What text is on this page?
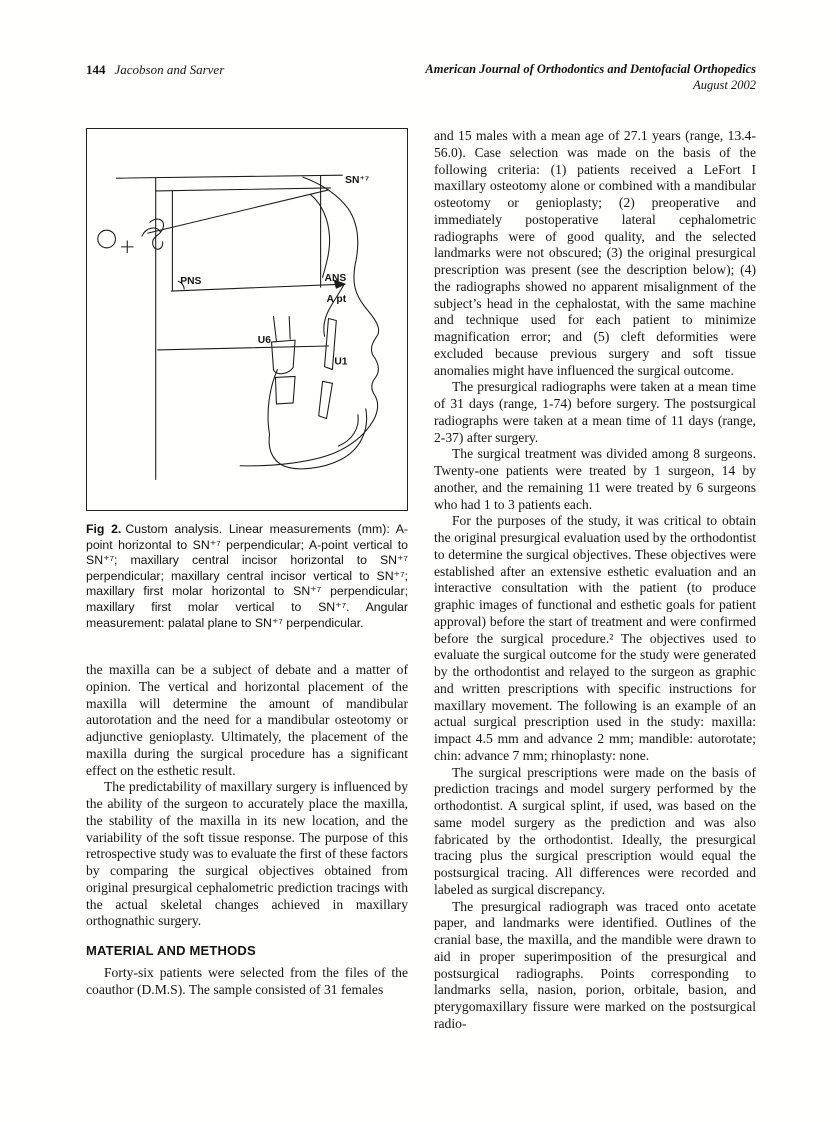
144 Jacobson and Sarver	American Journal of Orthodontics and Dentofacial Orthopedics
August 2002
SN⁺⁷
ANS
A pt
PNS
U6
U1
Fig 2. Custom analysis. Linear measurements (mm): A-point horizontal to SN⁺⁷ perpendicular; A-point vertical to SN⁺⁷; maxillary central incisor horizontal to SN⁺⁷ perpendicular; maxillary central incisor vertical to SN⁺⁷; maxillary first molar horizontal to SN⁺⁷ perpendicular; maxillary first molar vertical to SN⁺⁷. Angular measurement: palatal plane to SN⁺⁷ perpendicular.

the maxilla can be a subject of debate and a matter of opinion. The vertical and horizontal placement of the maxilla will determine the amount of mandibular autorotation and the need for a mandibular osteotomy or adjunctive genioplasty. Ultimately, the placement of the maxilla during the surgical procedure has a significant effect on the esthetic result.

The predictability of maxillary surgery is influenced by the ability of the surgeon to accurately place the maxilla, the stability of the maxilla in its new location, and the variability of the soft tissue response. The purpose of this retrospective study was to evaluate the first of these factors by comparing the surgical objectives obtained from original presurgical cephalometric prediction tracings with the actual skeletal changes achieved in maxillary orthognathic surgery.

MATERIAL AND METHODS

Forty-six patients were selected from the files of the coauthor (D.M.S). The sample consisted of 31 females

and 15 males with a mean age of 27.1 years (range, 13.4-56.0). Case selection was made on the basis of the following criteria: (1) patients received a LeFort I maxillary osteotomy alone or combined with a mandibular osteotomy or genioplasty; (2) preoperative and immediately postoperative lateral cephalometric radiographs were of good quality, and the selected landmarks were not obscured; (3) the original presurgical prescription was present (see the description below); (4) the radiographs showed no apparent misalignment of the subject’s head in the cephalostat, with the same machine and technique used for each patient to minimize magnification error; and (5) cleft deformities were excluded because previous surgery and soft tissue anomalies might have influenced the surgical outcome.

The presurgical radiographs were taken at a mean time of 31 days (range, 1-74) before surgery. The postsurgical radiographs were taken at a mean time of 11 days (range, 2-37) after surgery.

The surgical treatment was divided among 8 surgeons. Twenty-one patients were treated by 1 surgeon, 14 by another, and the remaining 11 were treated by 6 surgeons who had 1 to 3 patients each.

For the purposes of the study, it was critical to obtain the original presurgical evaluation used by the orthodontist to determine the surgical objectives. These objectives were established after an extensive esthetic evaluation and an interactive consultation with the patient (to produce graphic images of functional and esthetic goals for patient approval) before the start of treatment and were confirmed before the surgical procedure.² The objectives used to evaluate the surgical outcome for the study were generated by the orthodontist and relayed to the surgeon as graphic and written prescriptions with specific instructions for maxillary movement. The following is an example of an actual surgical prescription used in the study: maxilla: impact 4.5 mm and advance 2 mm; mandible: autorotate; chin: advance 7 mm; rhinoplasty: none.

The surgical prescriptions were made on the basis of prediction tracings and model surgery performed by the orthodontist. A surgical splint, if used, was based on the same model surgery as the prediction and was also fabricated by the orthodontist. Ideally, the presurgical tracing plus the surgical prescription would equal the postsurgical tracing. All differences were recorded and labeled as surgical discrepancy.

The presurgical radiograph was traced onto acetate paper, and landmarks were identified. Outlines of the cranial base, the maxilla, and the mandible were drawn to aid in proper superimposition of the presurgical and postsurgical radiographs. Points corresponding to landmarks sella, nasion, porion, orbitale, basion, and pterygomaxillary fissure were marked on the postsurgical radio-
